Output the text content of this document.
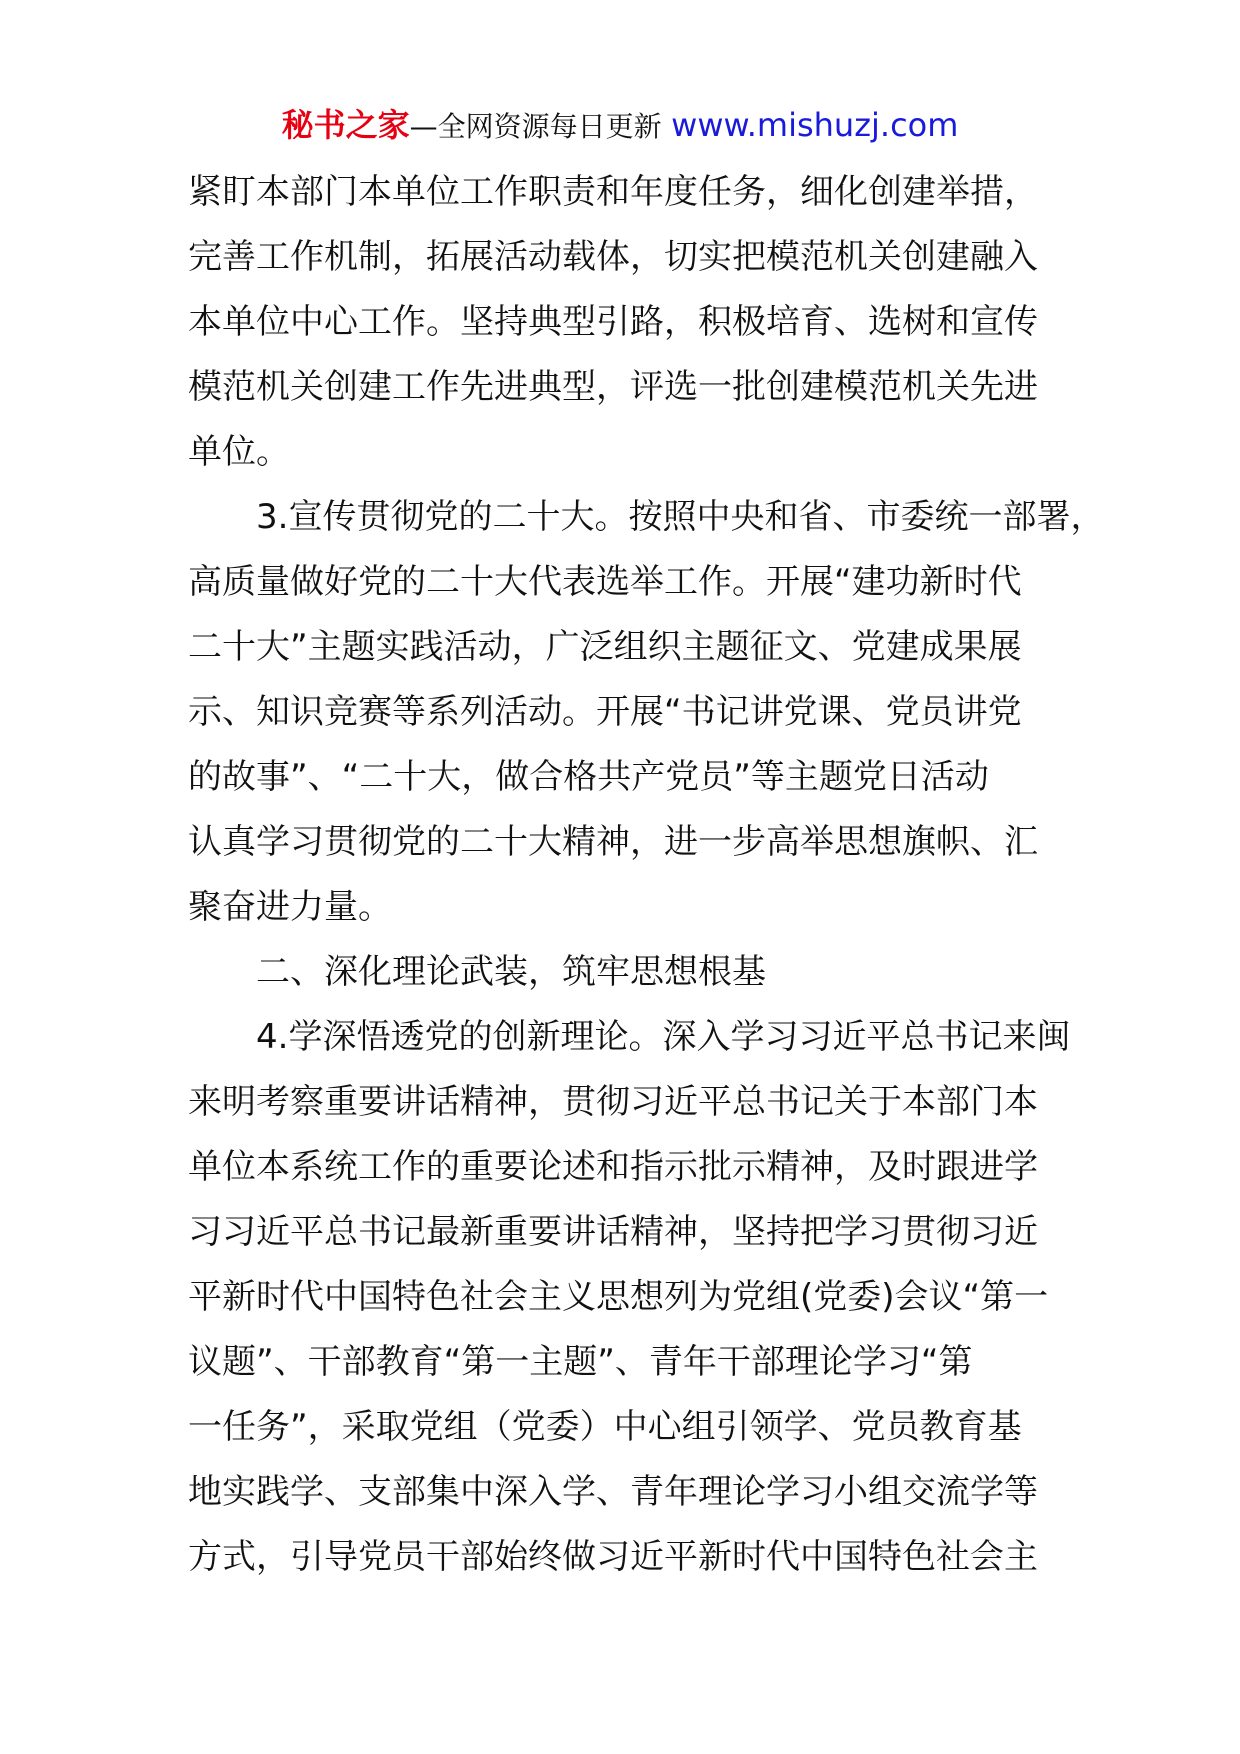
秘书之家—全网资源每日更新 www.mishuzj.com
紧盯本部门本单位工作职责和年度任务，细化创建举措，
完善工作机制，拓展活动载体，切实把模范机关创建融入
本单位中心工作。坚持典型引路，积极培育、选树和宣传
模范机关创建工作先进典型，评选一批创建模范机关先进
单位。
3.宣传贯彻党的二十大。按照中央和省、市委统一部署，
高质量做好党的二十大代表选举工作。开展“建功新时代
二十大”主题实践活动，广泛组织主题征文、党建成果展
示、知识竞赛等系列活动。开展“书记讲党课、党员讲党
的故事”、“二十大，做合格共产党员”等主题党日活动
认真学习贯彻党的二十大精神，进一步高举思想旗帜、汇
聚奋进力量。
二、深化理论武装，筑牢思想根基
4.学深悟透党的创新理论。深入学习习近平总书记来闽
来明考察重要讲话精神，贯彻习近平总书记关于本部门本
单位本系统工作的重要论述和指示批示精神，及时跟进学
习习近平总书记最新重要讲话精神，坚持把学习贯彻习近
平新时代中国特色社会主义思想列为党组(党委)会议“第一
议题”、干部教育“第一主题”、青年干部理论学习“第
一任务”，采取党组（党委）中心组引领学、党员教育基
地实践学、支部集中深入学、青年理论学习小组交流学等
方式，引导党员干部始终做习近平新时代中国特色社会主
